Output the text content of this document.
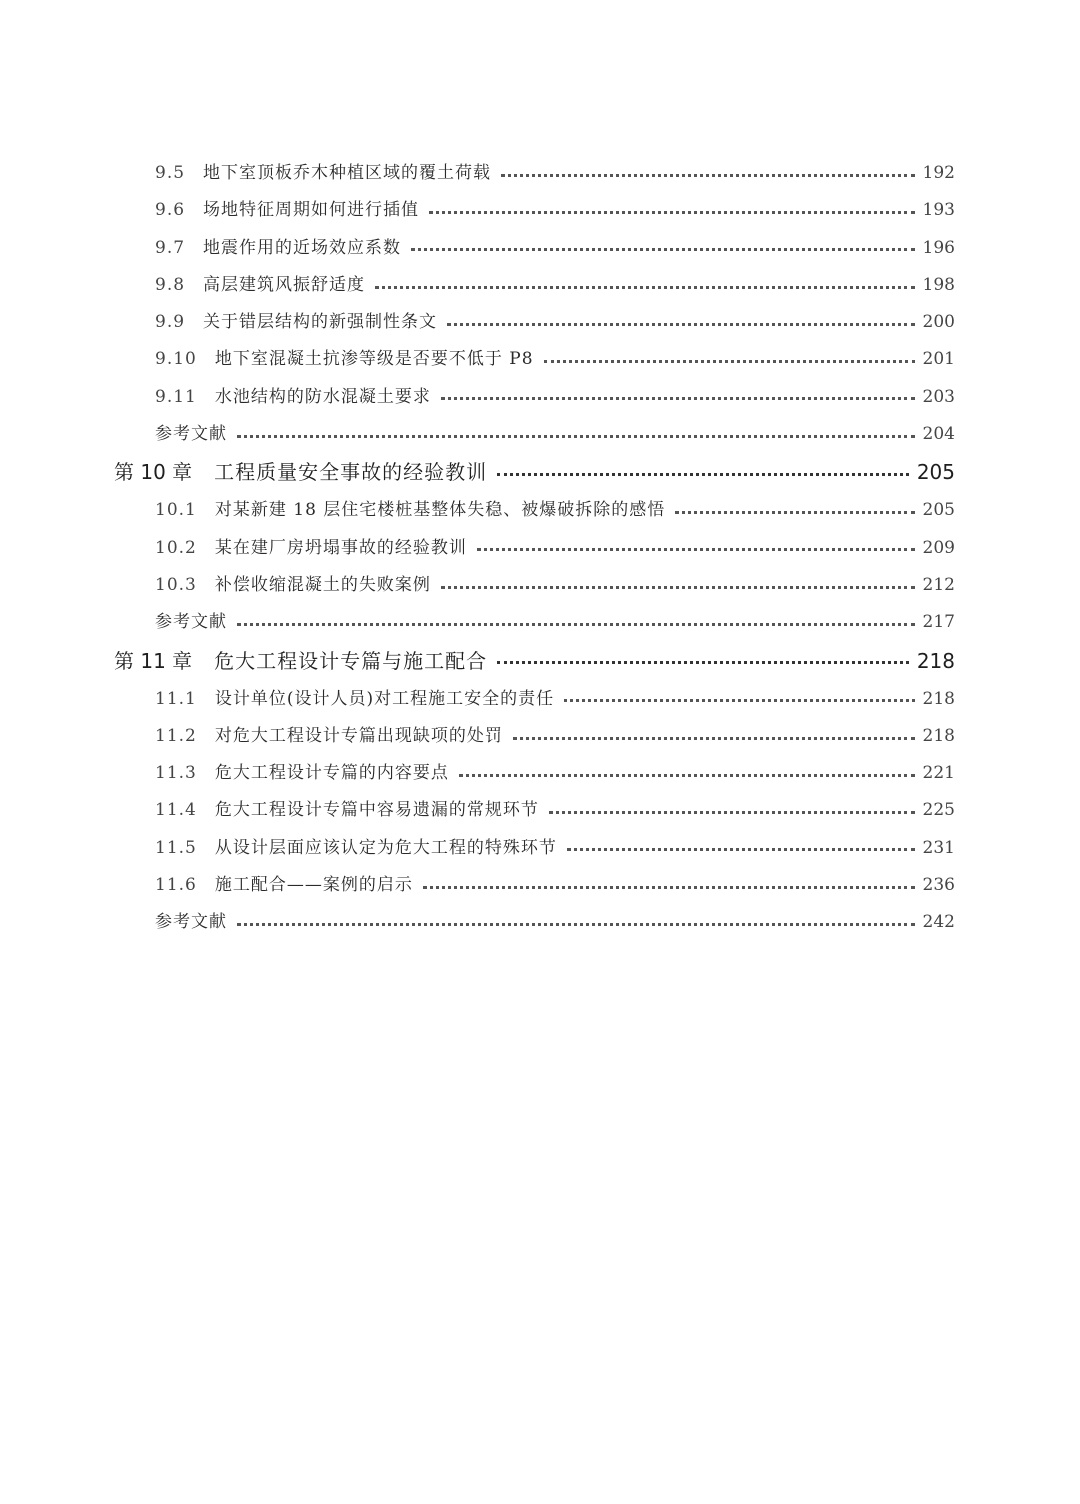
9.5 地下室顶板乔木种植区域的覆土荷载	192
9.6 场地特征周期如何进行插值	193
9.7 地震作用的近场效应系数	196
9.8 高层建筑风振舒适度	198
9.9 关于错层结构的新强制性条文	200
9.10 地下室混凝土抗渗等级是否要不低于 P8	201
9.11 水池结构的防水混凝土要求	203
参考文献	204
第 10 章 工程质量安全事故的经验教训	205
10.1 对某新建 18 层住宅楼桩基整体失稳、被爆破拆除的感悟	205
10.2 某在建厂房坍塌事故的经验教训	209
10.3 补偿收缩混凝土的失败案例	212
参考文献	217
第 11 章 危大工程设计专篇与施工配合	218
11.1 设计单位(设计人员)对工程施工安全的责任	218
11.2 对危大工程设计专篇出现缺项的处罚	218
11.3 危大工程设计专篇的内容要点	221
11.4 危大工程设计专篇中容易遗漏的常规环节	225
11.5 从设计层面应该认定为危大工程的特殊环节	231
11.6 施工配合——案例的启示	236
参考文献	242
